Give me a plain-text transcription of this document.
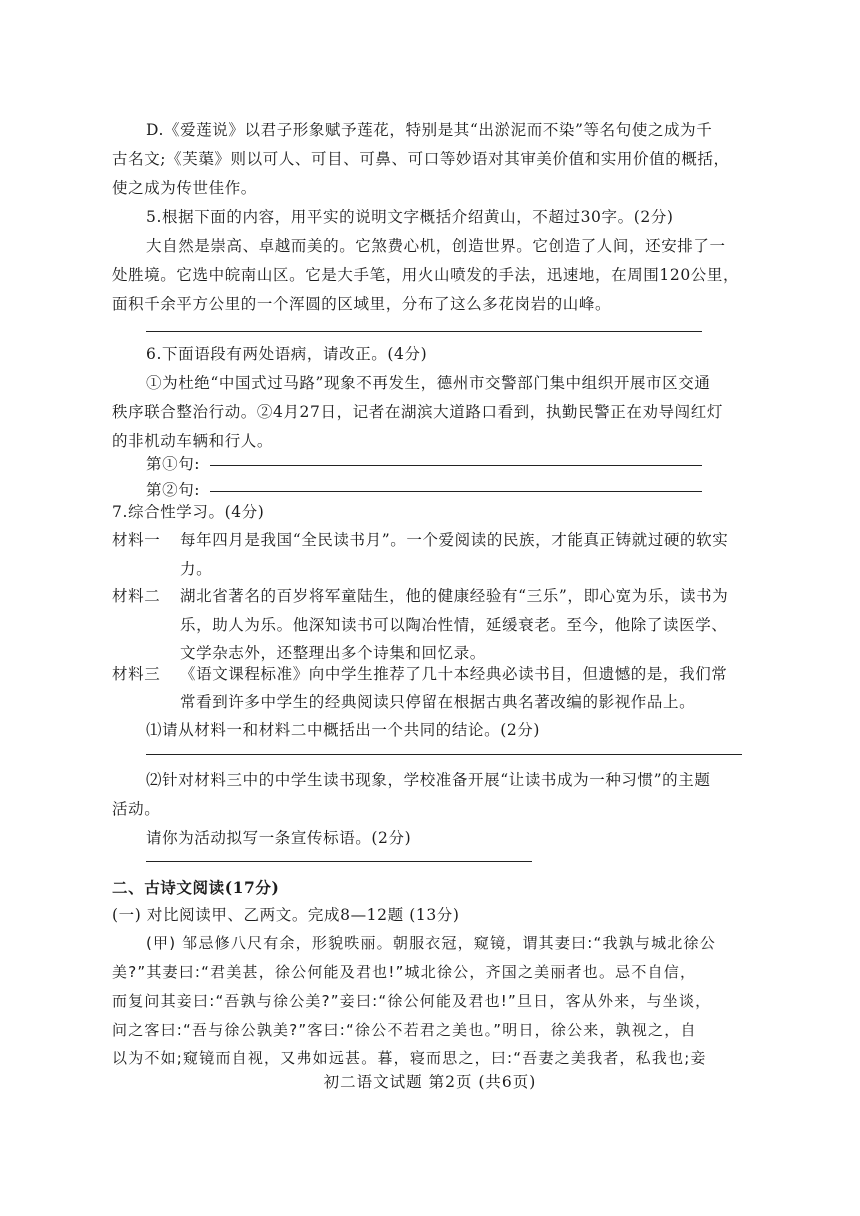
D.《爱莲说》以君子形象赋予莲花，特别是其“出淤泥而不染”等名句使之成为千
古名文;《芙蕖》则以可人、可目、可鼻、可口等妙语对其审美价值和实用价值的概括，
使之成为传世佳作。
5.根据下面的内容，用平实的说明文字概括介绍黄山，不超过30字。(2分)
大自然是崇高、卓越而美的。它煞费心机，创造世界。它创造了人间，还安排了一
处胜境。它选中皖南山区。它是大手笔，用火山喷发的手法，迅速地，在周围120公里，
面积千余平方公里的一个浑圆的区域里，分布了这么多花岗岩的山峰。
6.下面语段有两处语病，请改正。(4分)
①为杜绝“中国式过马路”现象不再发生，德州市交警部门集中组织开展市区交通
秩序联合整治行动。②4月27日，记者在湖滨大道路口看到，执勤民警正在劝导闯红灯
的非机动车辆和行人。
第①句:
第②句:
7.综合性学习。(4分)
材料一 每年四月是我国“全民读书月”。一个爱阅读的民族，才能真正铸就过硬的软实
力。
材料二 湖北省著名的百岁将军童陆生，他的健康经验有“三乐”，即心宽为乐，读书为
乐，助人为乐。他深知读书可以陶冶性情，延缓衰老。至今，他除了读医学、
文学杂志外，还整理出多个诗集和回忆录。
材料三 《语文课程标准》向中学生推荐了几十本经典必读书目，但遗憾的是，我们常
常看到许多中学生的经典阅读只停留在根据古典名著改编的影视作品上。
⑴请从材料一和材料二中概括出一个共同的结论。(2分)
⑵针对材料三中的中学生读书现象，学校准备开展“让读书成为一种习惯”的主题
活动。
请你为活动拟写一条宣传标语。(2分)
二、古诗文阅读(17分)
(一) 对比阅读甲、乙两文。完成8—12题 (13分)
(甲) 邹忌修八尺有余，形貌昳丽。朝服衣冠，窥镜，谓其妻曰:“我孰与城北徐公
美?”其妻曰:“君美甚，徐公何能及君也!”城北徐公，齐国之美丽者也。忌不自信，
而复问其妾曰:“吾孰与徐公美?”妾曰:“徐公何能及君也!”旦日，客从外来，与坐谈，
问之客曰:“吾与徐公孰美?”客曰:“徐公不若君之美也。”明日，徐公来，孰视之，自
以为不如;窥镜而自视，又弗如远甚。暮，寝而思之，曰:“吾妻之美我者，私我也;妾
初二语文试题 第2页 (共6页)
